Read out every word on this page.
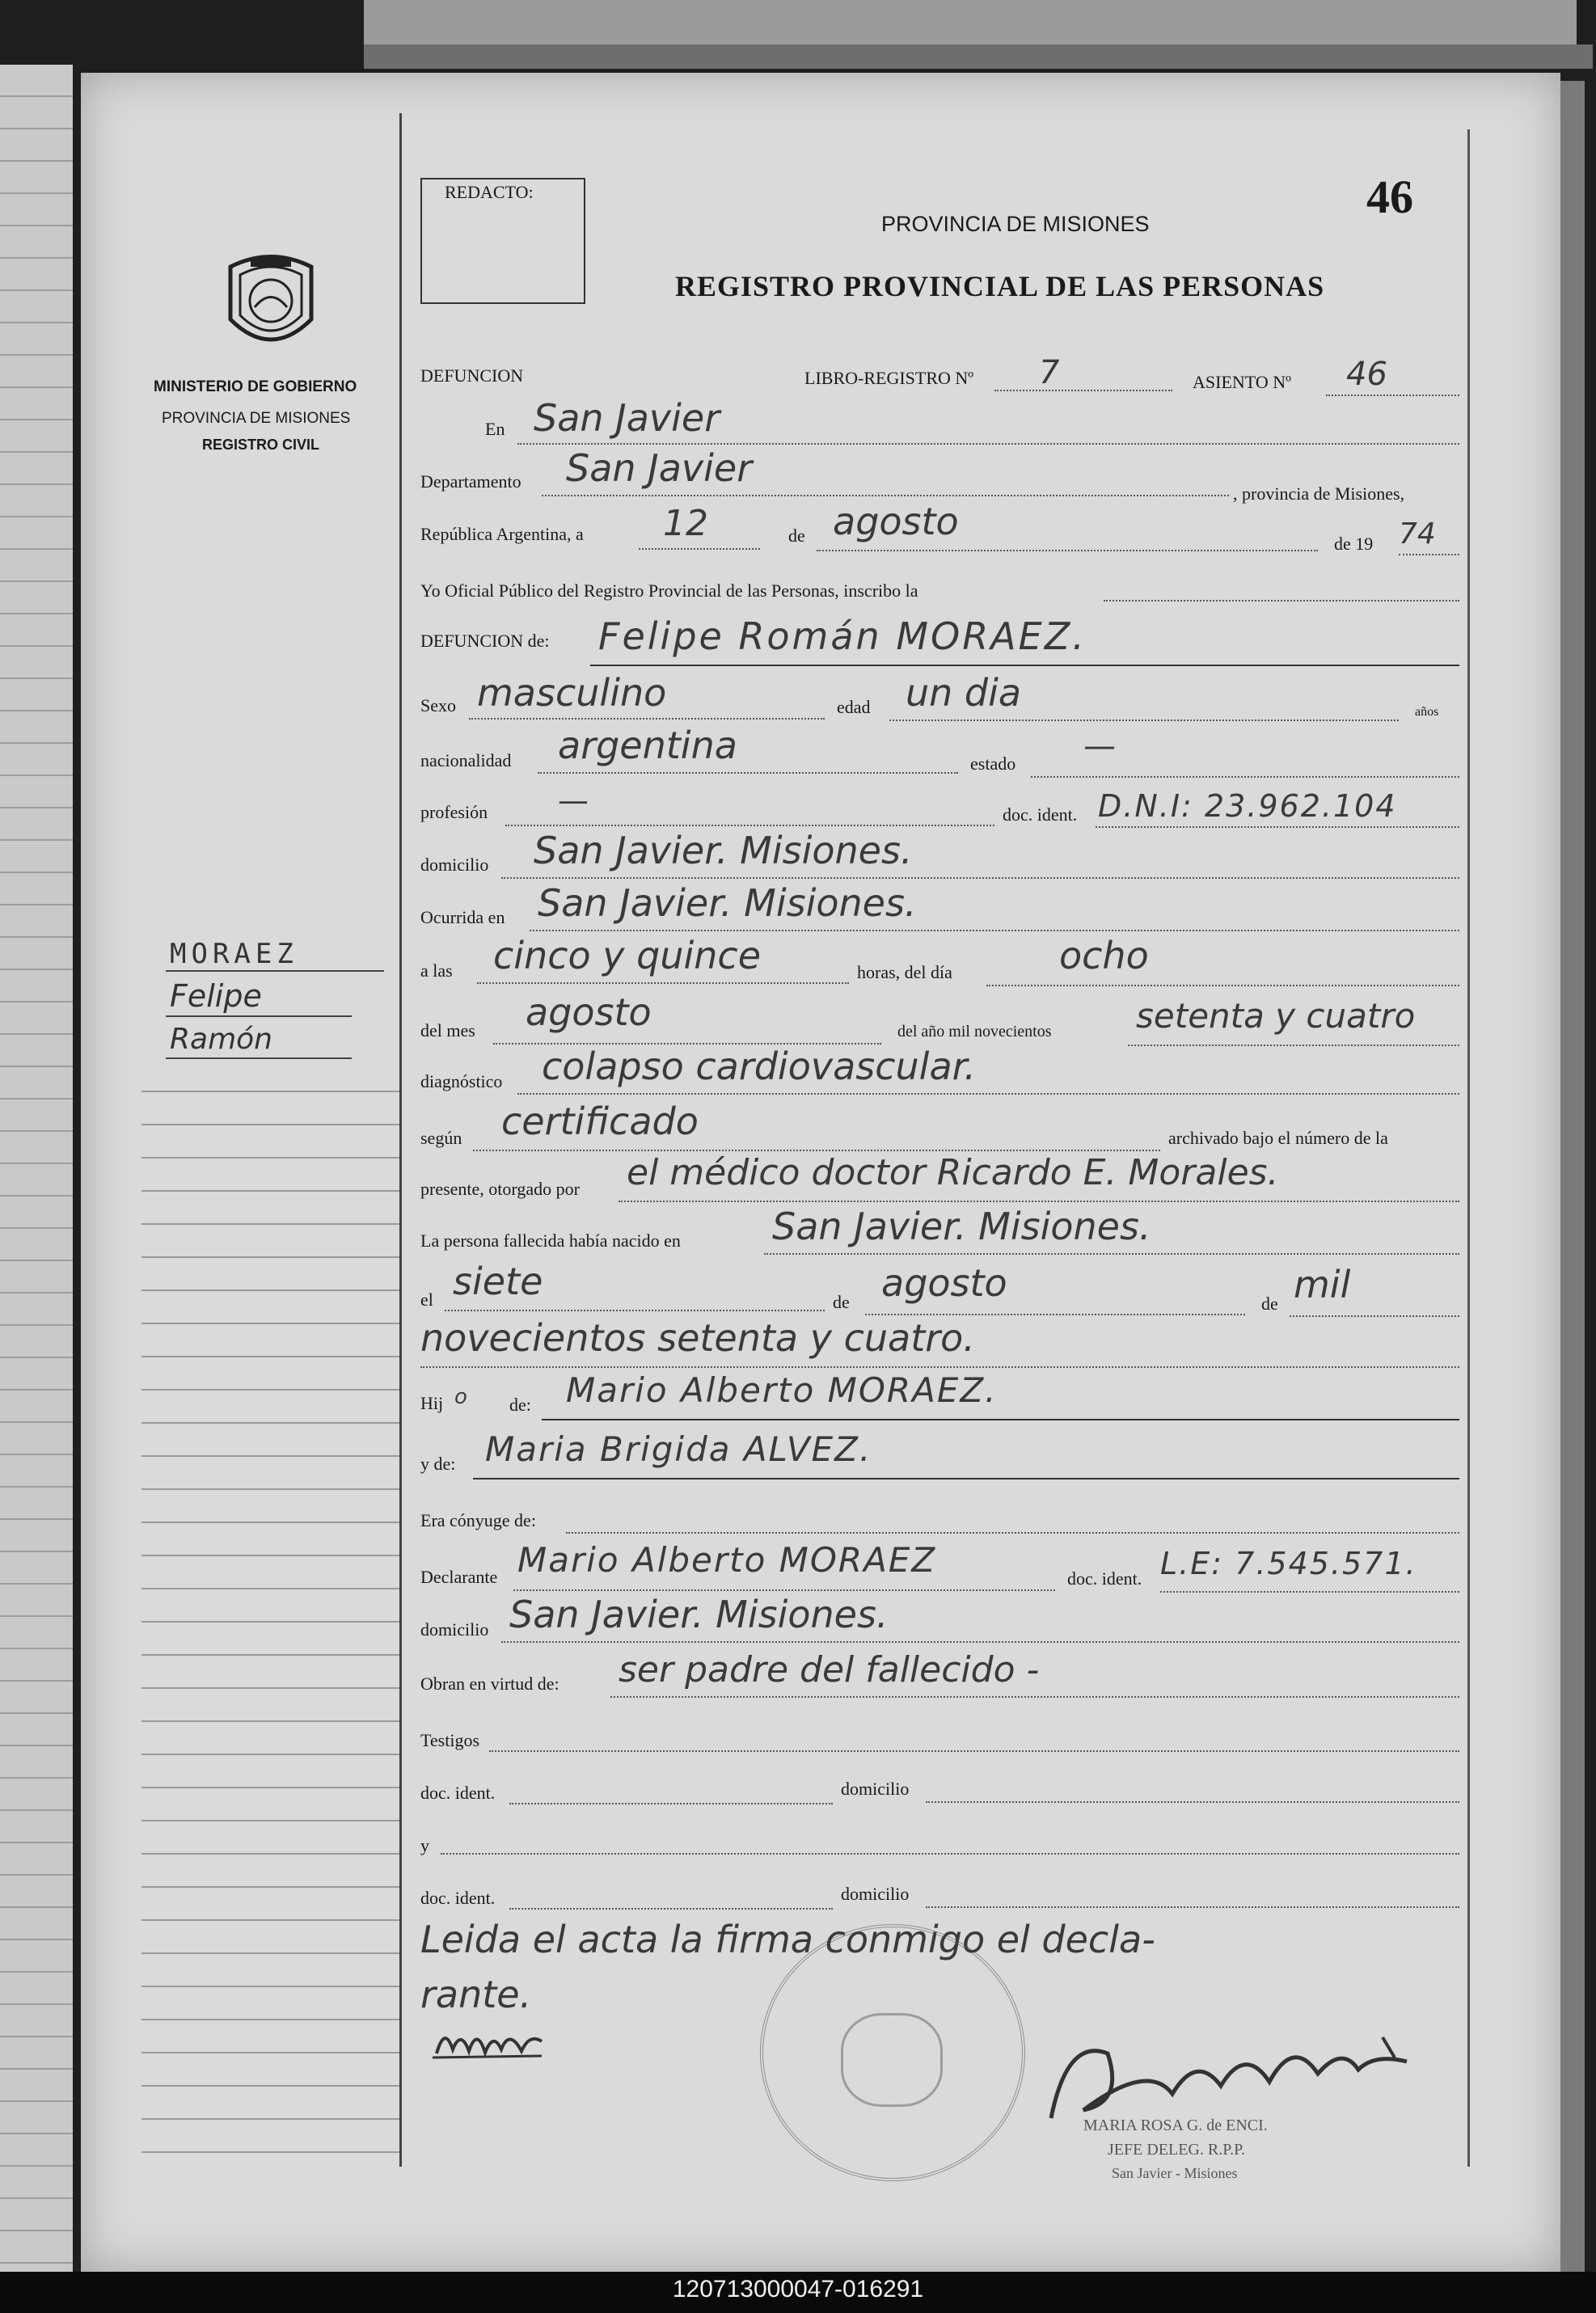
REDACTO:	46
PROVINCIA DE MISIONES
REGISTRO PROVINCIAL DE LAS PERSONAS
MINISTERIO DE GOBIERNO
PROVINCIA DE MISIONES
REGISTRO CIVIL
MORAEZ
Felipe
Ramón
DEFUNCION	LIBRO-REGISTRO Nº 7	ASIENTO Nº 46
En San Javier
Departamento San Javier
, provincia de Misiones,
República Argentina, a 12	de agosto
de 19 74
Yo Oficial Público del Registro Provincial de las Personas, inscribo la
DEFUNCION de: Felipe Román MORAEZ.
Sexo masculino	edad un dia	años
nacionalidad argentina	estado —
profesión —	doc. ident. D.N.I: 23.962.104
domicilio San Javier. Misiones.
Ocurrida en San Javier. Misiones.
a las cinco y quince	horas, del día	ocho
del mes agosto	del año mil novecientos setenta y cuatro
diagnóstico colapso cardiovascular.
según certificado	archivado bajo el número de la
presente, otorgado por el médico doctor Ricardo E. Morales.
La persona fallecida había nacido en San Javier. Misiones.
el siete	de agosto	de mil
novecientos setenta y cuatro.
Hij o de: Mario Alberto MORAEZ.
y de: Maria Brigida ALVEZ.
Era cónyuge de:
Declarante Mario Alberto MORAEZ	doc. ident. L.E: 7.545.571.
domicilio San Javier. Misiones.
Obran en virtud de: ser padre del fallecido -
Testigos
doc. ident.	domicilio
y
doc. ident.	domicilio
Leida el acta la firma conmigo el decla-
rante.
MARIA ROSA G. de ENCI.
JEFE DELEG. R.P.P.
San Javier - Misiones
120713000047-016291
